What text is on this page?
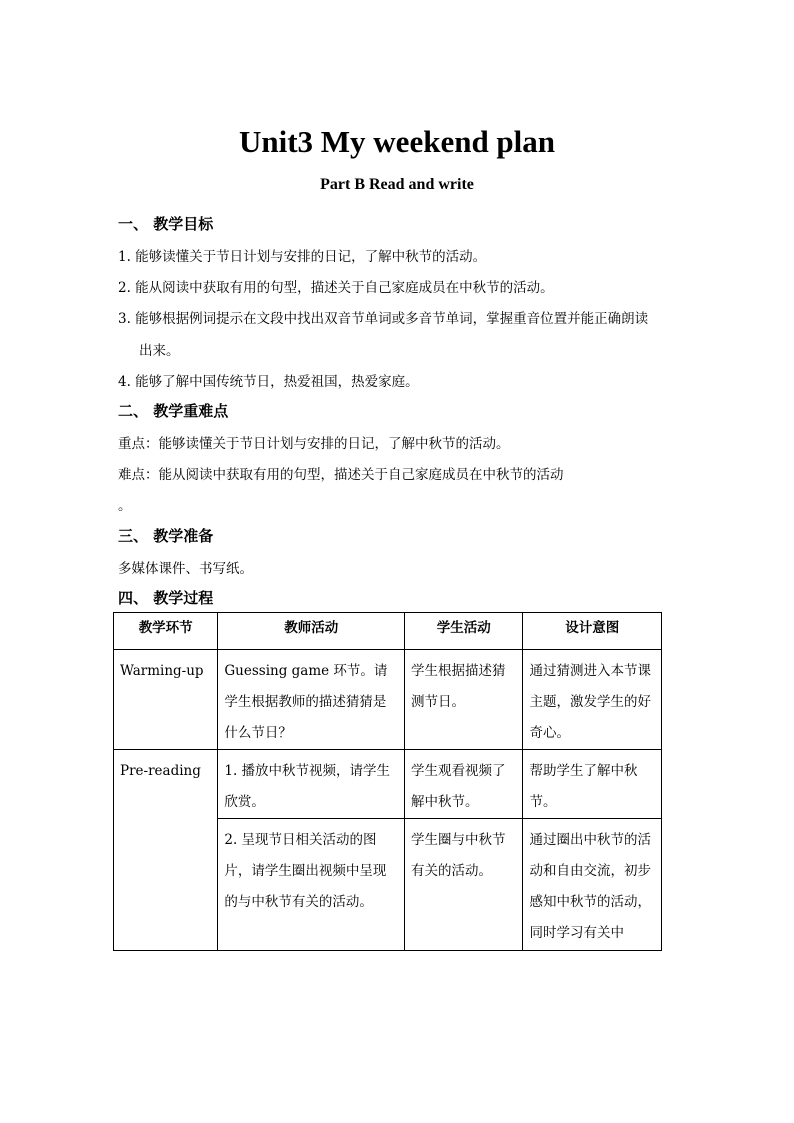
Unit3 My weekend plan
Part B Read and write
一、 教学目标
1. 能够读懂关于节日计划与安排的日记，了解中秋节的活动。
2. 能从阅读中获取有用的句型，描述关于自己家庭成员在中秋节的活动。
3. 能够根据例词提示在文段中找出双音节单词或多音节单词，掌握重音位置并能正确朗读
出来。
4. 能够了解中国传统节日，热爱祖国，热爱家庭。
二、 教学重难点
重点：能够读懂关于节日计划与安排的日记，了解中秋节的活动。
难点：能从阅读中获取有用的句型，描述关于自己家庭成员在中秋节的活动
。
三、 教学准备
多媒体课件、书写纸。
四、 教学过程
教学环节	教师活动	学生活动	设计意图
Warming-up	Guessing game 环节。请学生根据教师的描述猜猜是什么节日？	学生根据描述猜测节日。	通过猜测进入本节课主题，激发学生的好奇心。
Pre-reading	1. 播放中秋节视频，请学生欣赏。	学生观看视频了解中秋节。	帮助学生了解中秋节。
	2. 呈现节日相关活动的图片，请学生圈出视频中呈现的与中秋节有关的活动。	学生圈与中秋节有关的活动。	通过圈出中秋节的活动和自由交流，初步感知中秋节的活动，同时学习有关中
